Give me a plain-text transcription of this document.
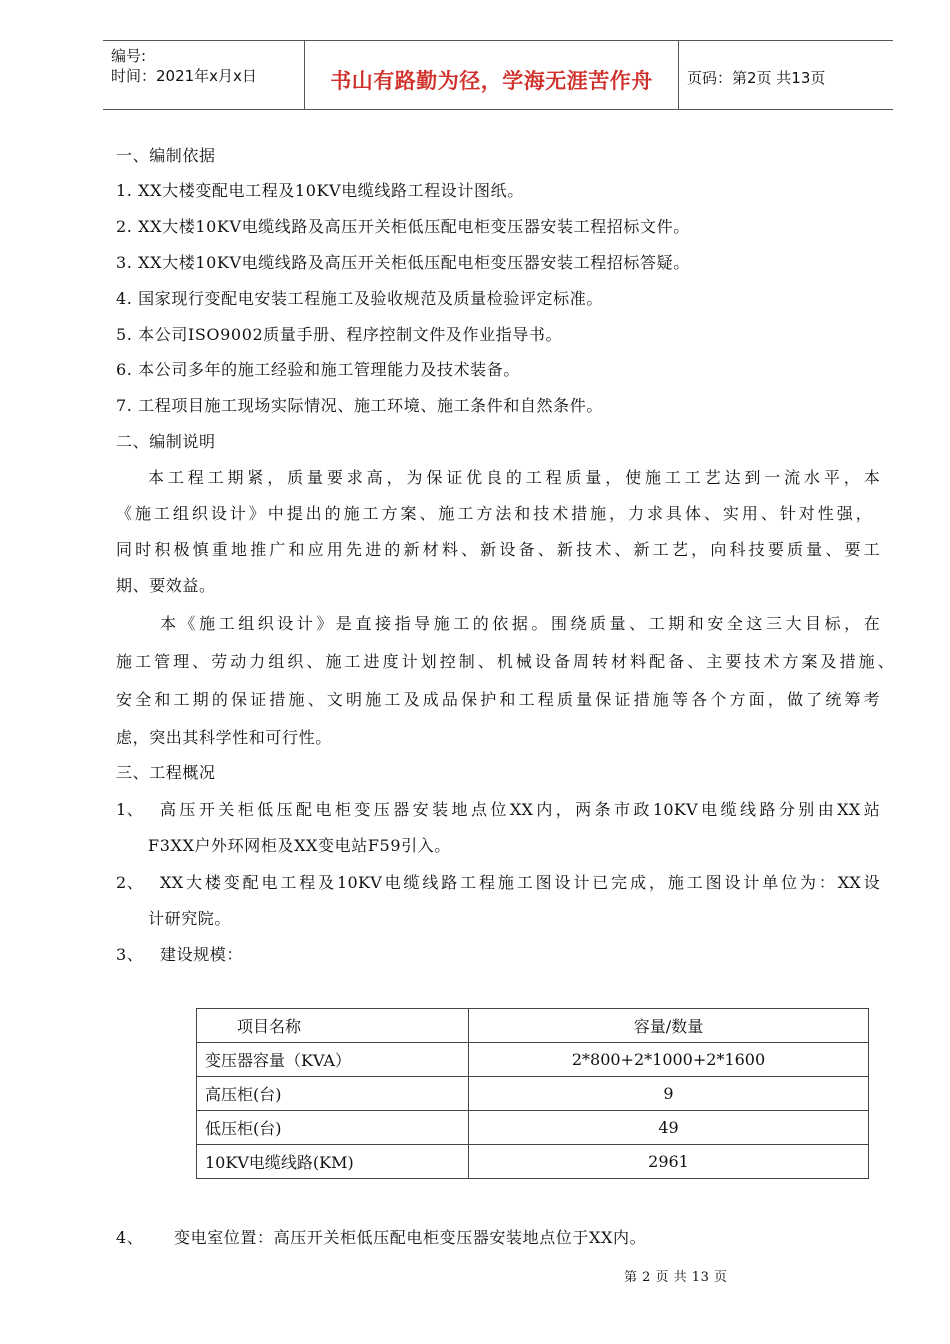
编号:
时间：2021年x月x日	书山有路勤为径，学海无涯苦作舟	页码：第2页 共13页
一、编制依据
1. XX大楼变配电工程及10KV电缆线路工程设计图纸。
2. XX大楼10KV电缆线路及高压开关柜低压配电柜变压器安装工程招标文件。
3. XX大楼10KV电缆线路及高压开关柜低压配电柜变压器安装工程招标答疑。
4. 国家现行变配电安装工程施工及验收规范及质量检验评定标准。
5. 本公司ISO9002质量手册、程序控制文件及作业指导书。
6. 本公司多年的施工经验和施工管理能力及技术装备。
7. 工程项目施工现场实际情况、施工环境、施工条件和自然条件。
二、编制说明
本工程工期紧，质量要求高，为保证优良的工程质量，使施工工艺达到一流水平，本
《施工组织设计》中提出的施工方案、施工方法和技术措施，力求具体、实用、针对性强，
同时积极慎重地推广和应用先进的新材料、新设备、新技术、新工艺，向科技要质量、要工
期、要效益。
本《施工组织设计》是直接指导施工的依据。围绕质量、工期和安全这三大目标，在
施工管理、劳动力组织、施工进度计划控制、机械设备周转材料配备、主要技术方案及措施、
安全和工期的保证措施、文明施工及成品保护和工程质量保证措施等各个方面，做了统筹考
虑，突出其科学性和可行性。
三、工程概况
1、 高压开关柜低压配电柜变压器安装地点位XX内，两条市政10KV电缆线路分别由XX站
F3XX户外环网柜及XX变电站F59引入。
2、 XX大楼变配电工程及10KV电缆线路工程施工图设计已完成，施工图设计单位为：XX设
计研究院。
3、 建设规模：
项目名称	容量/数量
变压器容量（KVA）	2*800+2*1000+2*1600
高压柜(台)	9
低压柜(台)	49
10KV电缆线路(KM)	2961
4、 变电室位置：高压开关柜低压配电柜变压器安装地点位于XX内。
第 2 页 共 13 页
